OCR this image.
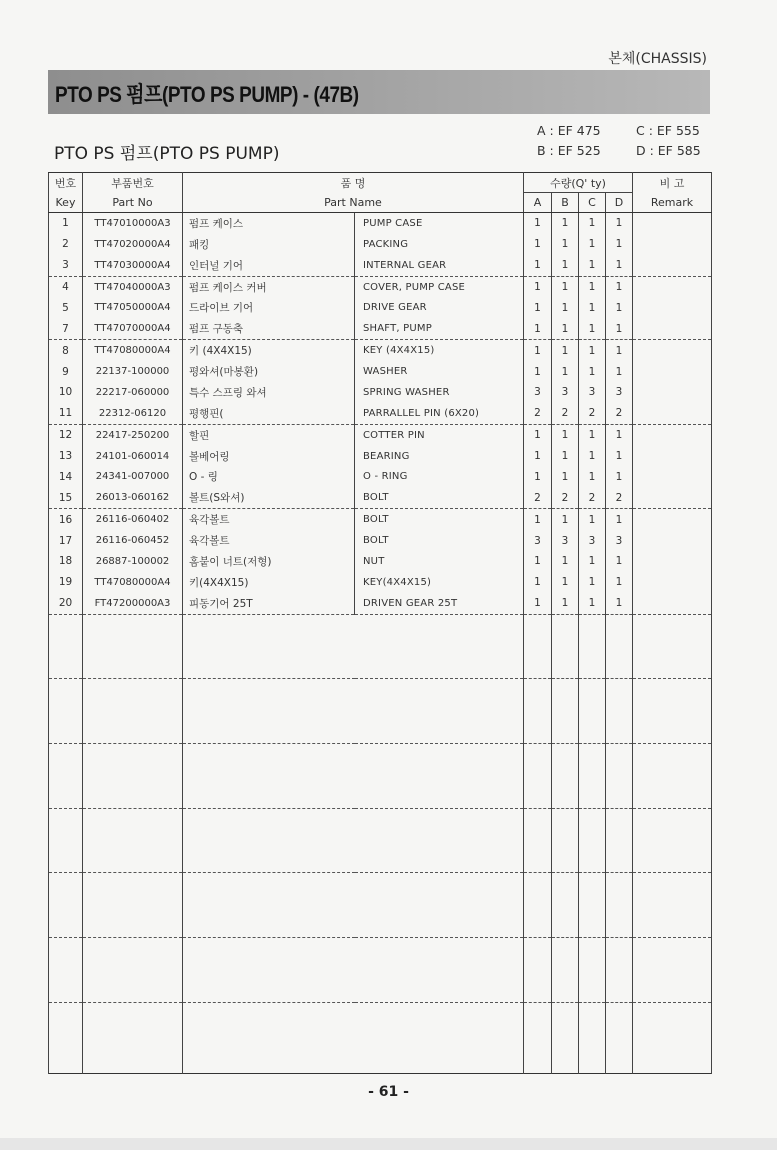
본체(CHASSIS)
PTO PS 펌프(PTO PS PUMP) - (47B)
PTO PS 펌프(PTO PS PUMP)
A : EF 475
B : EF 525
C : EF 555
D : EF 585
번호	부품번호	품 명		수량(Q' ty)				비 고
Key	Part No	Part Name		A	B	C	D	Remark
1	TT47010000A3	펌프 케이스	PUMP CASE	1	1	1	1	
2	TT47020000A4	패킹	PACKING	1	1	1	1	
3	TT47030000A4	인터널 기어	INTERNAL GEAR	1	1	1	1	
4	TT47040000A3	펌프 케이스 커버	COVER, PUMP CASE	1	1	1	1	
5	TT47050000A4	드라이브 기어	DRIVE GEAR	1	1	1	1	
7	TT47070000A4	펌프 구동축	SHAFT, PUMP	1	1	1	1	
8	TT47080000A4	키 (4X4X15)	KEY (4X4X15)	1	1	1	1	
9	22137-100000	평와셔(마봉환)	WASHER	1	1	1	1	
10	22217-060000	특수 스프링 와셔	SPRING WASHER	3	3	3	3	
11	22312-06120	평행핀(	PARRALLEL PIN (6X20)	2	2	2	2	
12	22417-250200	할핀	COTTER PIN	1	1	1	1	
13	24101-060014	볼베어링	BEARING	1	1	1	1	
14	24341-007000	O - 링	O - RING	1	1	1	1	
15	26013-060162	볼트(S와셔)	BOLT	2	2	2	2	
16	26116-060402	육각볼트	BOLT	1	1	1	1	
17	26116-060452	육각볼트	BOLT	3	3	3	3	
18	26887-100002	홈붙이 너트(저형)	NUT	1	1	1	1	
19	TT47080000A4	키(4X4X15)	KEY(4X4X15)	1	1	1	1	
20	FT47200000A3	피동기어 25T	DRIVEN GEAR 25T	1	1	1	1	

- 61 -
